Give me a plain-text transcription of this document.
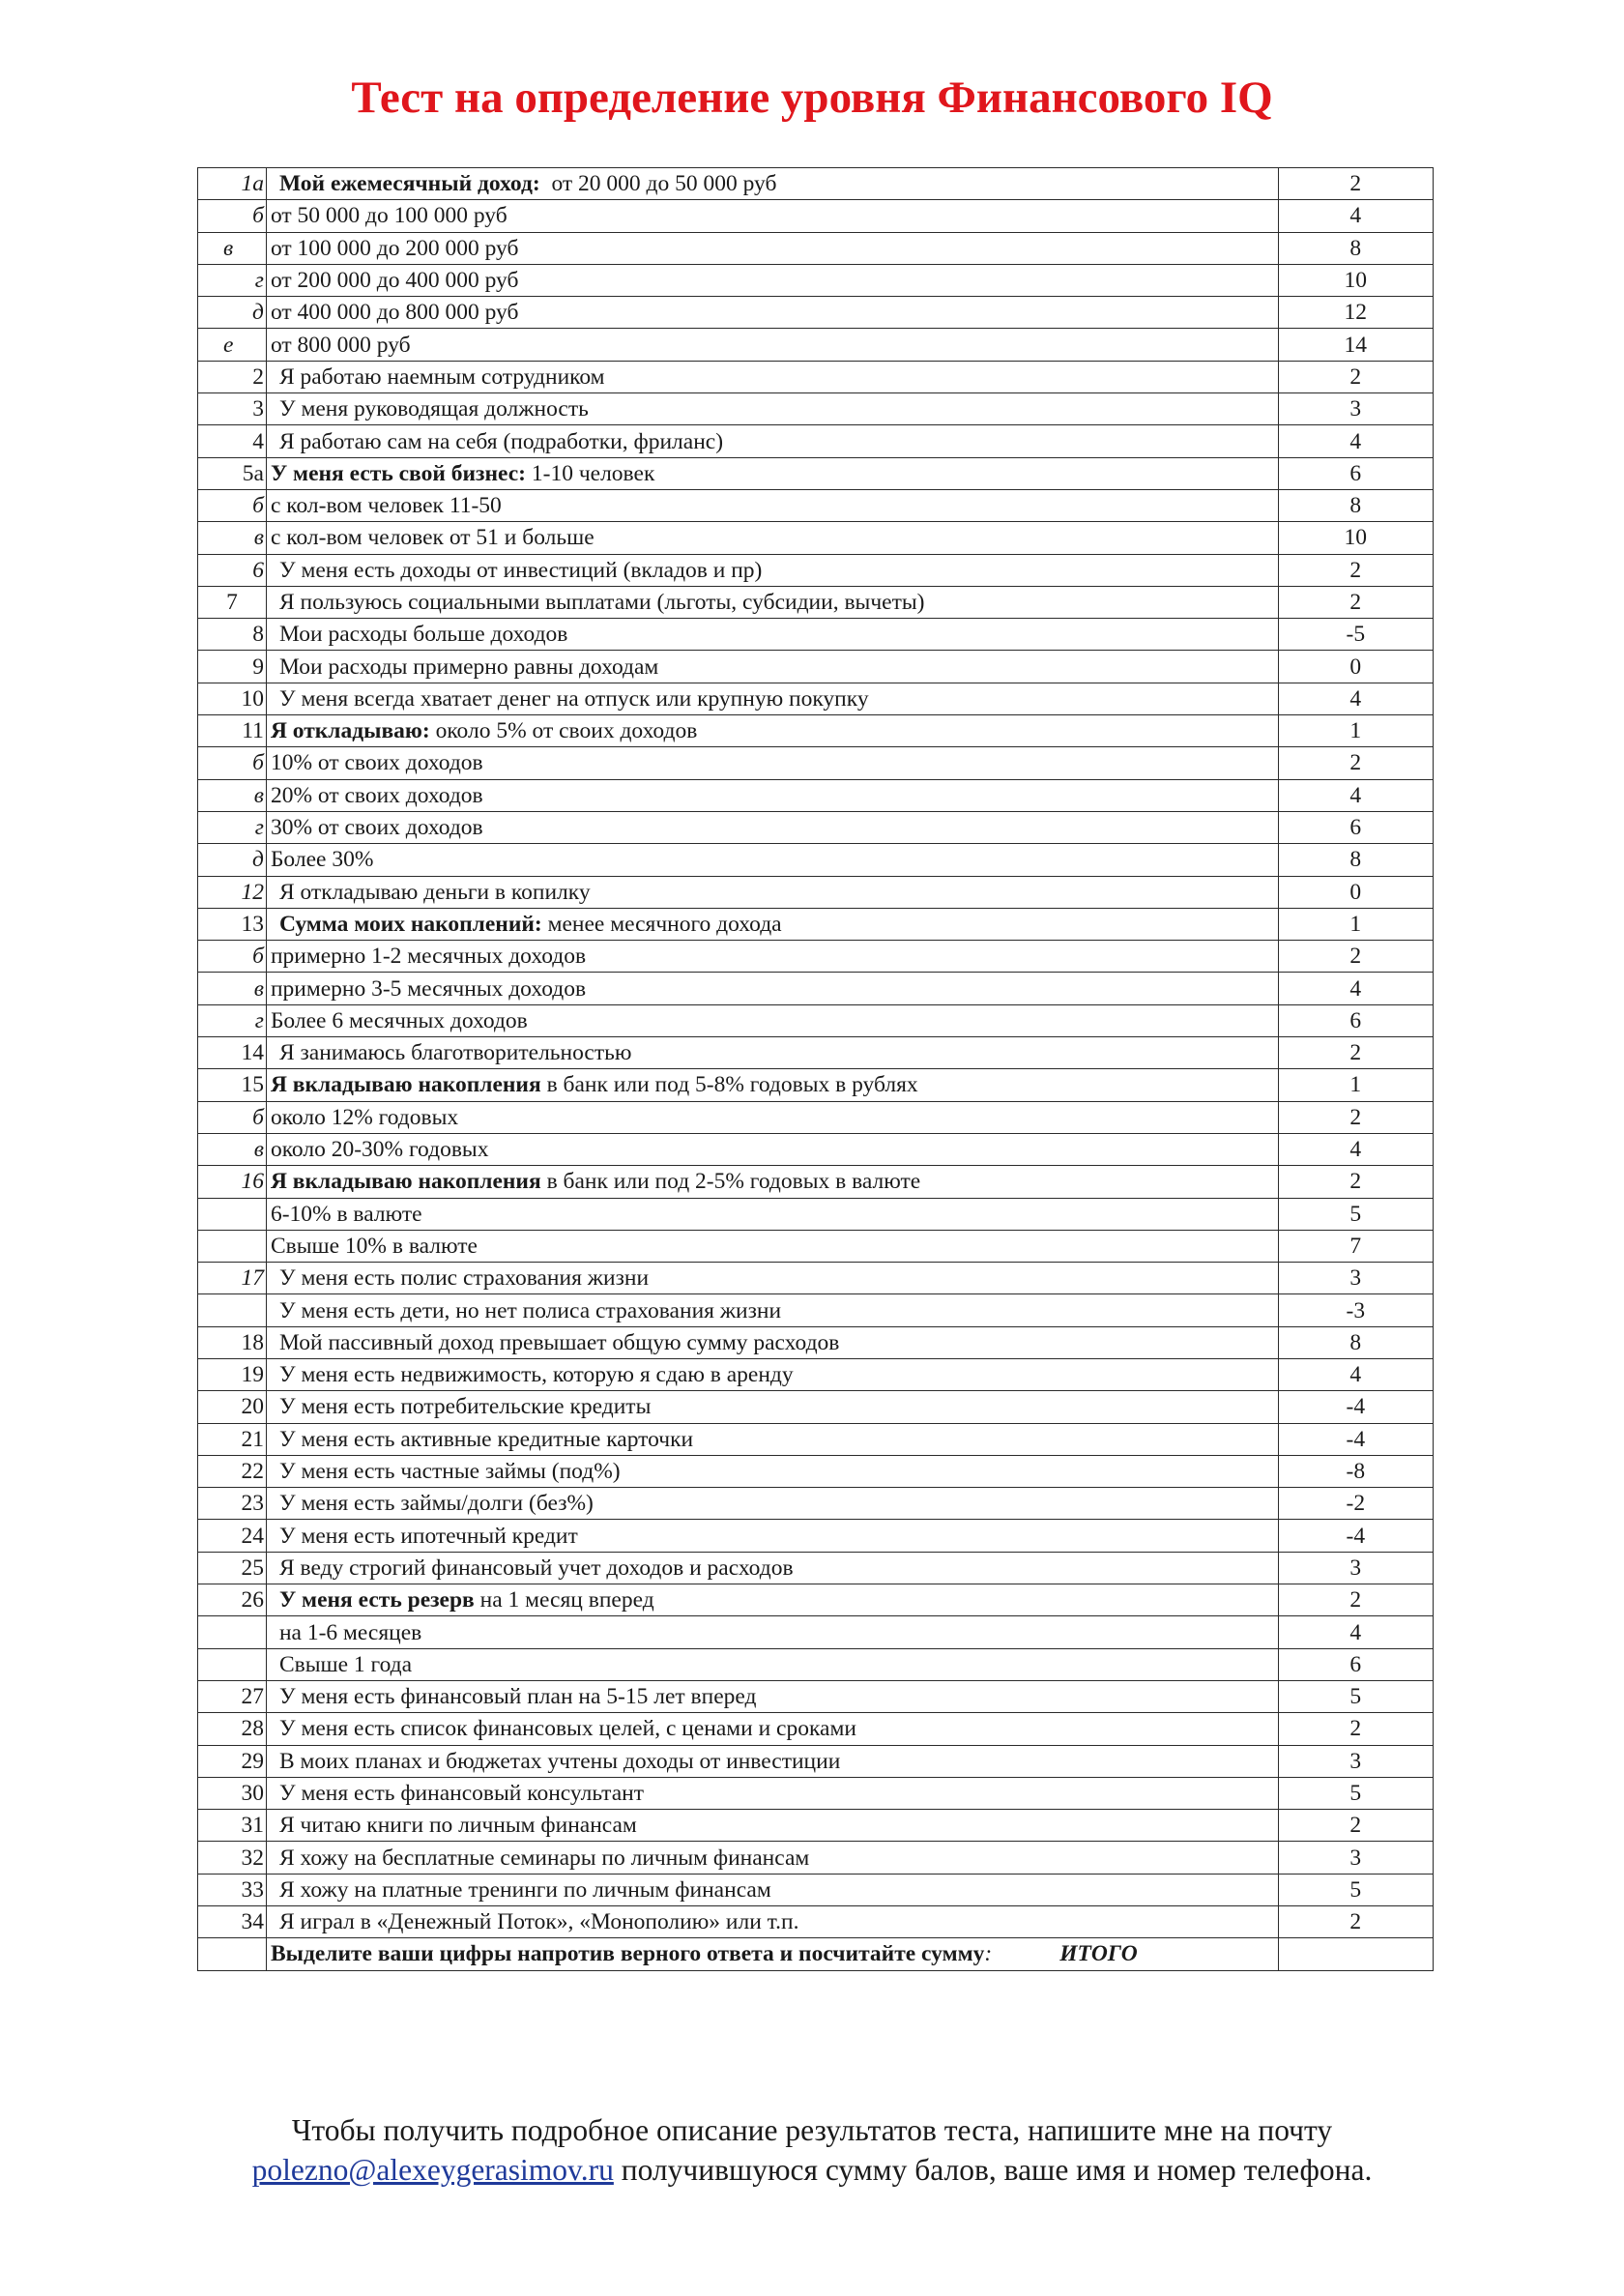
Тест на определение уровня Финансового IQ
1а	Мой ежемесячный доход:  от 20 000 до 50 000 руб	2
б	от 50 000 до 100 000 руб	4
в	от 100 000 до 200 000 руб	8
г	от 200 000 до 400 000 руб	10
д	от 400 000 до 800 000 руб	12
е	от 800 000 руб	14
2	Я работаю наемным сотрудником	2
3	У меня руководящая должность	3
4	Я работаю сам на себя (подработки, фриланс)	4
5а	У меня есть свой бизнес: 1-10 человек	6
б	с кол-вом человек 11-50	8
в	с кол-вом человек от 51 и больше	10
6	У меня есть доходы от инвестиций (вкладов и пр)	2
7	Я пользуюсь социальными выплатами (льготы, субсидии, вычеты)	2
8	Мои расходы больше доходов	-5
9	Мои расходы примерно равны доходам	0
10	У меня всегда хватает денег на отпуск или крупную покупку	4
11	Я откладываю: около 5% от своих доходов	1
б	10% от своих доходов	2
в	20% от своих доходов	4
г	30% от своих доходов	6
д	Более 30%	8
12	Я откладываю деньги в копилку	0
13	Сумма моих накоплений: менее месячного дохода	1
б	примерно 1-2 месячных доходов	2
в	примерно 3-5 месячных доходов	4
г	Более 6 месячных доходов	6
14	Я занимаюсь благотворительностью	2
15	Я вкладываю накопления в банк или под 5-8% годовых в рублях	1
б	около 12% годовых	2
в	около 20-30% годовых	4
16	Я вкладываю накопления в банк или под 2-5% годовых в валюте	2
	6-10% в валюте	5
	Свыше 10% в валюте	7
17	У меня есть полис страхования жизни	3
	У меня есть дети, но нет полиса страхования жизни	-3
18	Мой пассивный доход превышает общую сумму расходов	8
19	У меня есть недвижимость, которую я сдаю в аренду	4
20	У меня есть потребительские кредиты	-4
21	У меня есть активные кредитные карточки	-4
22	У меня есть частные займы (под%)	-8
23	У меня есть займы/долги (без%)	-2
24	У меня есть ипотечный кредит	-4
25	Я веду строгий финансовый учет доходов и расходов	3
26	У меня есть резерв на 1 месяц вперед	2
	на 1-6 месяцев	4
	Свыше 1 года	6
27	У меня есть финансовый план на 5-15 лет вперед	5
28	У меня есть список финансовых целей, с ценами и сроками	2
29	В моих планах и бюджетах учтены доходы от инвестиции	3
30	У меня есть финансовый консультант	5
31	Я читаю книги по личным финансам	2
32	Я хожу на бесплатные семинары по личным финансам	3
33	Я хожу на платные тренинги по личным финансам	5
34	Я играл в «Денежный Поток», «Монополию» или т.п.	2
	Выделите ваши цифры напротив верного ответа и посчитайте сумму: ИТОГО	
Чтобы получить подробное описание результатов теста, напишите мне на почту
polezno@alexeygerasimov.ru получившуюся сумму балов, ваше имя и номер телефона.
